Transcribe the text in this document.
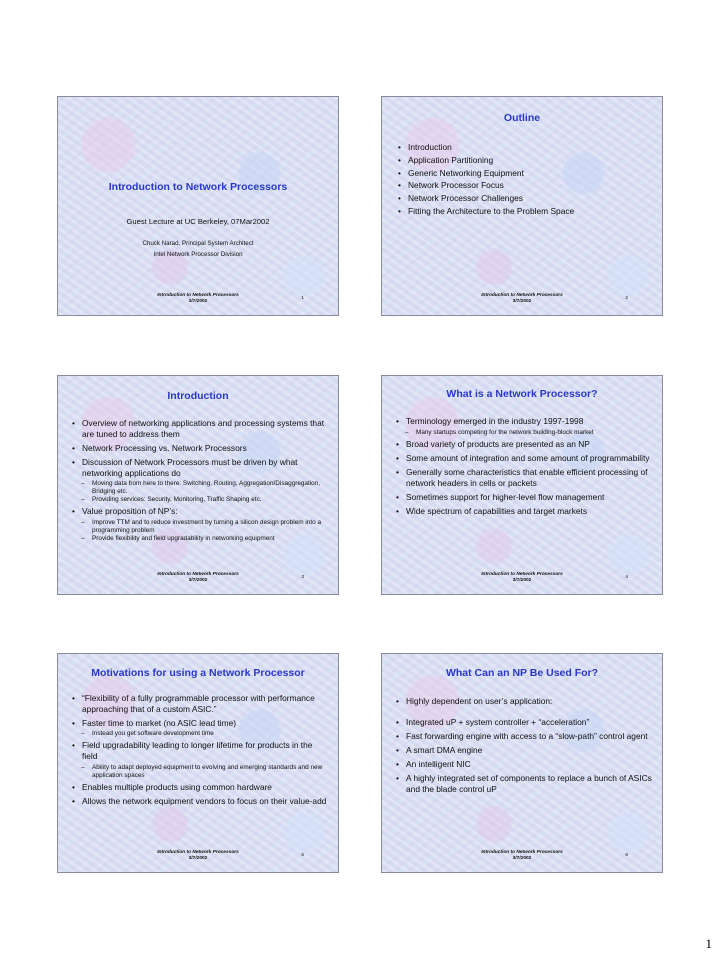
Introduction to Network Processors
Guest Lecture at UC Berkeley, 07Mar2002
Chuck Narad, Principal System Architect
Intel Network Processor Division
Introduction to Network Processors
3/7/2002
1
Outline
• Introduction
• Application Partitioning
• Generic Networking Equipment
• Network Processor Focus
• Network Processor Challenges
• Fitting the Architecture to the Problem Space
Introduction to Network Processors
3/7/2002
2
Introduction
• Overview of networking applications and processing systems that are tuned to address them
• Network Processing vs. Network Processors
• Discussion of Network Processors must be driven by what networking applications do
– Moving data from here to there: Switching, Routing, Aggregation/Disaggregation, Bridging etc.
– Providing services: Security, Monitoring, Traffic Shaping etc.
• Value proposition of NP’s:
– Improve TTM and to reduce investment by turning a silicon design problem into a programming problem
– Provide flexibility and field upgradability in networking equipment
Introduction to Network Processors
3/7/2002
3
What is a Network Processor?
• Terminology emerged in the industry 1997-1998
– Many startups competing for the network building-block market
• Broad variety of products are presented as an NP
• Some amount of integration and some amount of programmability
• Generally some characteristics that enable efficient processing of network headers in cells or packets
• Sometimes support for higher-level flow management
• Wide spectrum of capabilities and target markets
Introduction to Network Processors
3/7/2002
4
Motivations for using a Network Processor
• “Flexibility of a fully programmable processor with performance approaching that of a custom ASIC.”
• Faster time to market (no ASIC lead time)
– Instead you get software development time
• Field upgradability leading to longer lifetime for products in the field
– Ability to adapt deployed equipment to evolving and emerging standards and new application spaces
• Enables multiple products using common hardware
• Allows the network equipment vendors to focus on their value-add
Introduction to Network Processors
3/7/2002
5
What Can an NP Be Used For?
• Highly dependent on user’s application:
• Integrated uP + system controller + “acceleration”
• Fast forwarding engine with access to a “slow-path” control agent
• A smart DMA engine
• An intelligent NIC
• A highly integrated set of components to replace a bunch of ASICs and the blade control uP
Introduction to Network Processors
3/7/2002
6
1
